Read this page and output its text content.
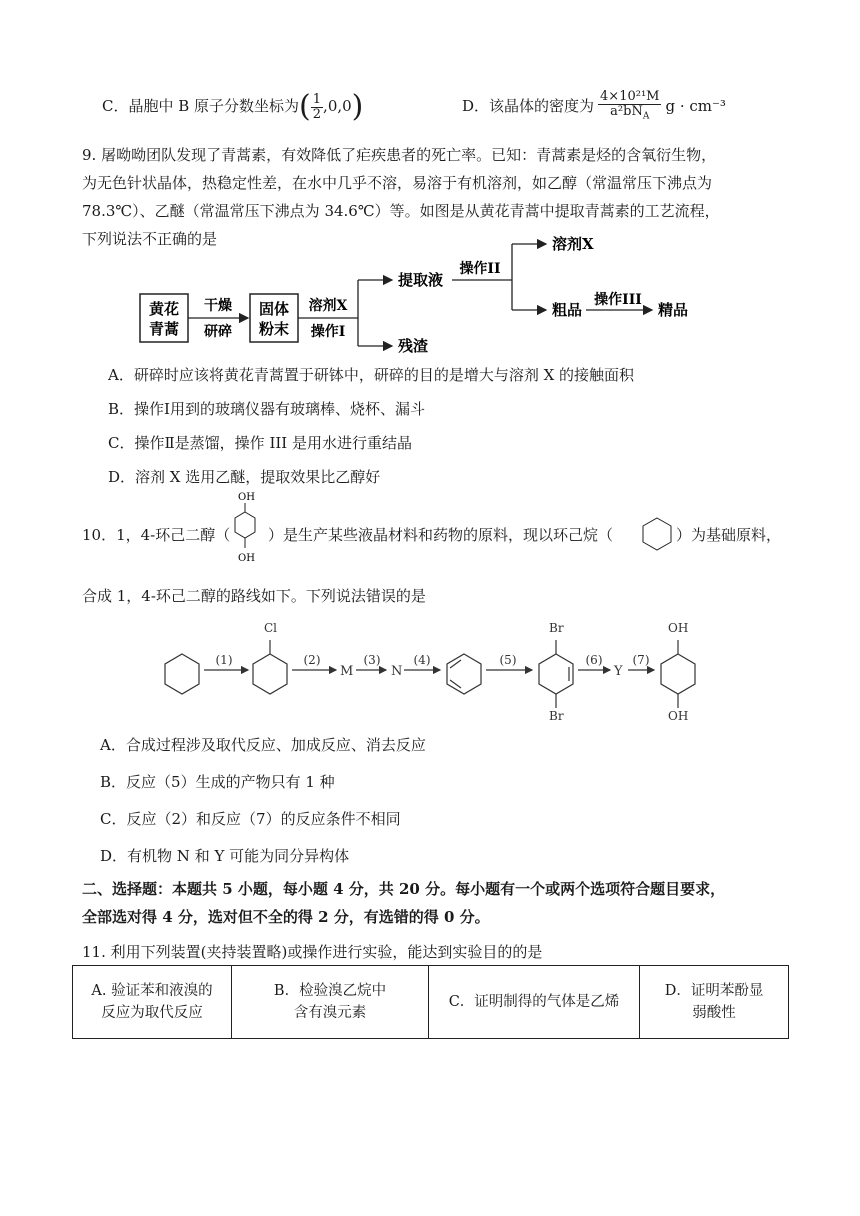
C．晶胞中 B 原子分数坐标为( $\frac{1}{2} ,0,0$)	D．该晶体的密度为 $\frac{\text{4×10²¹M}}{a^2bN_A}$ g · cm⁻³
9. 屠呦呦团队发现了青蒿素，有效降低了疟疾患者的死亡率。已知：青蒿素是烃的含氧衍生物，
为无色针状晶体，热稳定性差，在水中几乎不溶，易溶于有机溶剂，如乙醇（常温常压下沸点为
78.3℃）、乙醚（常温常压下沸点为 34.6℃）等。如图是从黄花青蒿中提取青蒿素的工艺流程，
下列说法不正确的是
黄花
青蒿
干燥
研碎
固体
粉末
溶剂X
操作I
提取液
残渣
操作II
溶剂X
粗品
操作III
精品
A．研碎时应该将黄花青蒿置于研钵中，研碎的目的是增大与溶剂 X 的接触面积
B．操作Ⅰ用到的玻璃仪器有玻璃棒、烧杯、漏斗
C．操作Ⅱ是蒸馏，操作 III 是用水进行重结晶
D．溶剂 X 选用乙醚，提取效果比乙醇好
10．1，4-环己二醇（
OH
OH
）是生产某些液晶材料和药物的原料，现以环己烷（	）为基础原料，
合成 1，4-环己二醇的路线如下。下列说法错误的是
(1)
Cl
(2)
M
(3)
N
(4)	(5)
Br
Br
(6)
Y
(7)
OH
OH
A．合成过程涉及取代反应、加成反应、消去反应
B．反应（5）生成的产物只有 1 种
C．反应（2）和反应（7）的反应条件不相同
D．有机物 N 和 Y 可能为同分异构体
二、选择题：本题共 5 小题，每小题 4 分，共 20 分。每小题有一个或两个选项符合题目要求，
全部选对得 4 分，选对但不全的得 2 分，有选错的得 0 分。
11. 利用下列装置(夹持装置略)或操作进行实验，能达到实验目的的是
A. 验证苯和液溴的
反应为取代反应

B．检验溴乙烷中
含有溴元素

C．证明制得的气体是乙烯

D．证明苯酚显
弱酸性
